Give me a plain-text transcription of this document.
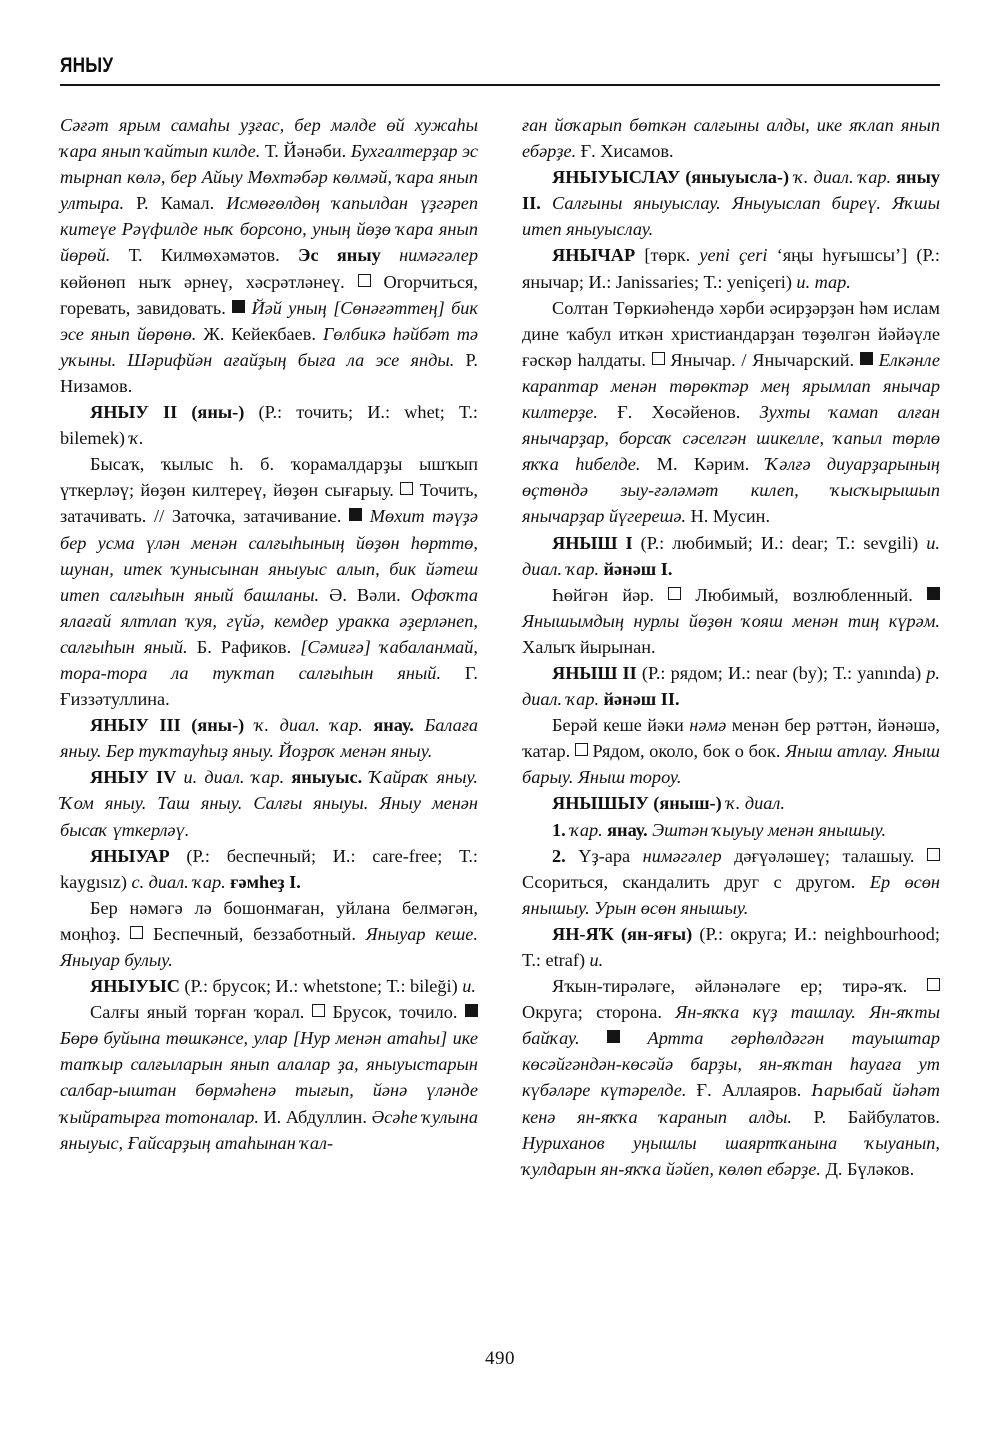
ЯНЫУ

Сәғәт ярым самаһы уҙғас, бер мәлде өй хужаһы ҡара янып ҡайтып килде. Т. Йәнәби. Бухгалтерҙар эс тырнап көлә, бер Айыу Мөхтәбәр көлмәй, ҡара янып ултыра. Р. Камал. Исмөғөлдөң ҡапылдан үҙгәреп китеүе Рәүфилде ныҡ борсоно, уның йөҙө ҡара янып йөрөй. Т. Килмөхәмәтов. Эс яныу нимәгәлер көйөнөп ныҡ әрнеү, хәсрәтләнеү.  Огорчиться, горевать, завидовать.  Йәй уның [Сөнәғәттең] бик эсе янып йөрөнө. Ж. Кейекбаев. Гөлбикә һәйбәт тә уҡыны. Шәрифйән ағайҙың быға ла эсе янды. Р. Низамов.

ЯНЫУ II (яны-) (Р.: точить; И.: whet; Т.: bilemek) ҡ.

Бысаҡ, ҡылыс һ. б. ҡорамалдарҙы ышҡып үткерләү; йөҙөн килтереү, йөҙөн сығарыу.  Точить, затачивать. // Заточка, затачивание.  Мөхит тәүҙә бер усма үлән менән салғыһының йөҙөн һөрттө, шунан, итек ҡунысынан яныуыс алып, бик йәтеш итеп салғыһын яный башланы. Ә. Вәли. Офоҡта ялағай ялтлап ҡуя, гүйә, кемдер уракка әҙерләнеп, салғыһын яный. Б. Рафиков. [Сәмиғә] ҡабаланмай, тора-тора ла туҡтап салғыһын яный. Г. Ғиззәтуллина.

ЯНЫУ III (яны-) ҡ. диал. ҡар. янау. Балаға яныу. Бер туҡтауһыҙ яныу. Йоҙроҡ менән яныу.

ЯНЫУ IV и. диал. ҡар. яныуыс. Ҡайраҡ яныу. Ҡом яныу. Таш яныу. Салғы яныуы. Яныу менән бысаҡ үткерләү.

ЯНЫУАР (Р.: беспечный; И.: care-free; Т.: kaygısız) с. диал. ҡар. ғәмһеҙ I.

Бер нәмәгә лә бошонмаған, уйлана белмәгән, моңһоҙ.  Беспечный, беззаботный. Яныуар кеше. Яныуар булыу.

ЯНЫУЫС (Р.: брусок; И.: whetstone; Т.: bileği) и.

Салғы яный торған ҡорал.  Брусок, точило.  Бөрө буйына төшкәнсе, улар [Нур менән атаһы] ике тапҡыр салғыларын янып алалар ҙа, яныуыстарын салбар-ыштан бөрмәһенә тығып, йәнә үләнде ҡыйратырға тотоналар. И. Абдуллин. Әсәһе ҡулына яныуыс, Ғайсарҙың атаһынан ҡал-

ған йоҡарып бөткән салғыны алды, ике яҡлап янып ебәрҙе. Ғ. Хисамов.

ЯНЫУЫСЛАУ (яныуысла-) ҡ. диал. ҡар. яныу II. Салғыны яныуыслау. Яныуыслап биреү. Яҡшы итеп яныуыслау.

ЯНЫЧАР [төрк. yeni çeri ‘яңы һуғышсы’] (Р.: янычар; И.: Janissaries; Т.: yeniçeri) и. тар.

Солтан Төркиәһендә хәрби әсирҙәрҙән һәм ислам дине ҡабул иткән христиандарҙан төҙөлгән йәйәүле ғәскәр һалдаты.  Янычар. / Янычарский.  Елкәнле караптар менән төрөктәр мең ярымлап янычар килтерҙе. Ғ. Хөсәйенов. Зухты ҡамап алған янычарҙар, борсаҡ сәселгән шикелле, ҡапыл төрлө яҡҡа һибелде. М. Кәрим. Ҡәлғә диуарҙарының өҫтөндә зыу-ғәләмәт килеп, ҡысҡырышып янычарҙар йүгерешә. Н. Мусин.

ЯНЫШ I (Р.: любимый; И.: dear; Т.: sevgili) и. диал. ҡар. йәнәш I.

Һөйгән йәр.  Любимый, возлюбленный.  Янышымдың нурлы йөҙөн ҡояш менән тиң күрәм. Халыҡ йырынан.

ЯНЫШ II (Р.: рядом; И.: near (by); Т.: yanında) р. диал. ҡар. йәнәш II.

Берәй кеше йәки нәмә менән бер рәттән, йәнәшә, ҡатар.  Рядом, около, бок о бок. Яныш атлау. Яныш барыу. Яныш тороу.

ЯНЫШЫУ (яныш-) ҡ. диал.

1. ҡар. янау. Эштән ҡыуыу менән янышыу.

2. Үҙ-ара нимәгәлер дәғүәләшеү; талашыу.  Ссориться, скандалить друг с другом. Ер өсөн янышыу. Урын өсөн янышыу.

ЯН-ЯҠ (ян-яғы) (Р.: округа; И.: neighbourhood; Т.: etraf) и.

Яҡын-тирәләге, әйләнәләге ер; тирә-яҡ.  Округа; сторона. Ян-яҡҡа күҙ ташлау. Ян-яҡты байҡау.  Артта гөрһөлдәгән тауыштар көсәйгәндән-көсәйә барҙы, ян-яҡтан һауаға ут күбәләре күтәрелде. Ғ. Аллаяров. Һарыбай йәһәт кенә ян-яҡҡа ҡаранып алды. Р. Байбулатов. Нуриханов уңышлы шаяртҡанына ҡыуанып, ҡулдарын ян-яҡҡа йәйеп, көлөп ебәрҙе. Д. Бүләков.

490
